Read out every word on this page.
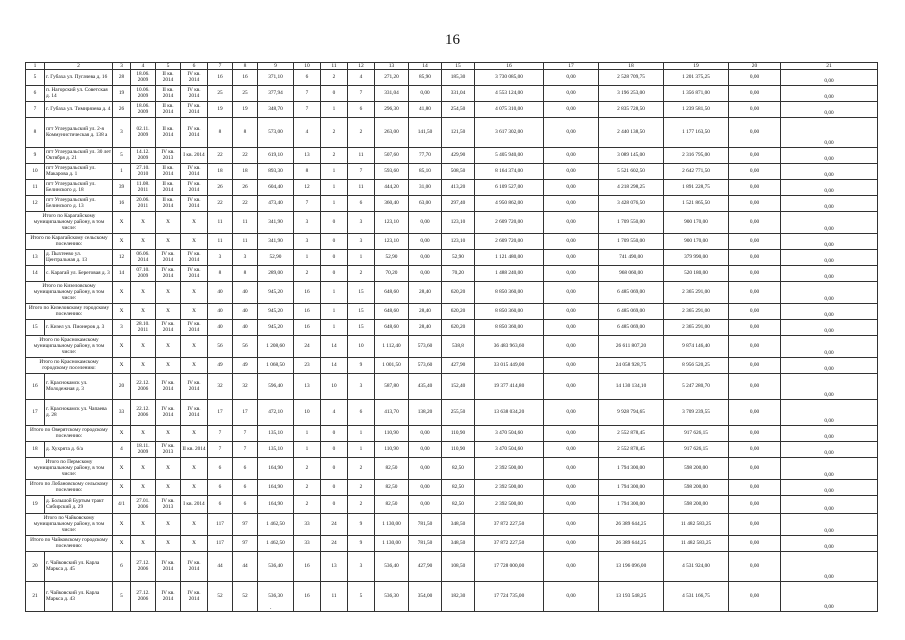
16
1	2	3	4	5	6	7	8	9	10	11	12	13	14	15	16	17	18	19	20	21
5	г. Губаха ул. Пугачева д. 16	28	18.06. 2009	II кв. 2014	IV кв. 2014	16	16	371,10	6	2	4	271,20	85,90	185,30	3 730 085,00	0,00	2 528 709,75	1 201 375,25	0,00	0,00
6	п. Нагорский ул. Советская д. 14	19	10.06. 2009	II кв. 2014	IV кв. 2014	25	25	377,94	7	0	7	331,04	0,00	331,04	4 553 124,00	0,00	3 196 253,00	1 356 871,00	0,00	0,00
7	г. Губаха ул. Тимирязева д. 4	26	18.06. 2009	II кв. 2014	IV кв. 2014	19	19	348,70	7	1	6	296,30	41,80	254,50	4 075 310,00	0,00	2 835 728,50	1 239 581,50	0,00	0,00
8	пгт Углеуральский ул. 2-я Коммунистическая д. 138 а	3	02.11. 2009	II кв. 2014	IV кв. 2014	8	8	573,00	4	2	2	263,00	141,50	121,50	3 617 302,00	0,00	2 440 138,50	1 177 163,50	0,00	0,00
9	пгт Углеуральский ул. 30 лет Октября д. 21	5	14.12. 2009	IV кв. 2013	I кв. 2014	22	22	619,10	13	2	11	507,60	77,70	429,90	5 405 940,00	0,00	3 089 145,00	2 316 795,00	0,00	0,00
10	пгт Углеуральский ул. Макарова д. 1	1	27.10. 2010	II кв. 2014	IV кв. 2014	18	18	893,30	8	1	7	593,60	85,10	508,50	8 164 374,00	0,00	5 521 602,50	2 642 771,50	0,00	0,00
11	пгт Углеуральский ул. Белинского д. 18	39	11.08. 2011	II кв. 2014	IV кв. 2014	26	26	604,40	12	1	11	444,20	31,00	413,20	6 109 527,00	0,00	4 218 298,25	1 891 228,75	0,00	0,00
12	пгт Углеуральский ул. Белинского д. 13	16	20.06. 2011	II кв. 2014	IV кв. 2014	22	22	473,40	7	1	6	360,40	63,00	297,40	4 950 862,00	0,00	3 428 076,50	1 521 865,50	0,00	0,00
Итого по Карагайскому муниципальному району, в том числе:		X	X	X	X	11	11	341,90	3	0	3	123,10	0,00	123,10	2 609 720,00	0,00	1 709 550,00	900 170,00	0,00	0,00
Итого по Карагайскому сельскому поселению:		X	X	X	X	11	11	341,90	3	0	3	123,10	0,00	123,10	2 609 720,00	0,00	1 709 550,00	900 170,00	0,00	0,00
13	д. Пыхтеево ул. Центральная д. 13	12	06.06. 2014	IV кв. 2014	IV кв. 2014	3	3	52,90	1	0	1	52,90	0,00	52,90	1 121 480,00	0,00	741 490,00	379 990,00	0,00	0,00
14	с. Карагай ул. Береговая д. 3	14	07.10. 2009	IV кв. 2014	IV кв. 2014	8	8	289,00	2	0	2	70,20	0,00	70,20	1 488 240,00	0,00	968 060,00	520 180,00	0,00	0,00
Итого по Кизеловскому муниципальному району, в том числе:		X	X	X	X	40	40	945,20	16	1	15	648,60	28,40	620,20	8 850 360,00	0,00	6 485 069,00	2 365 291,00	0,00	0,00
Итого по Кизеловскому городскому поселению:		X	X	X	X	40	40	945,20	16	1	15	648,60	28,40	620,20	8 850 360,00	0,00	6 485 069,00	2 365 291,00	0,00	0,00
15	г. Кизел ул. Пионеров д. 3	3	28.10. 2011	IV кв. 2014	IV кв. 2014	40	40	945,20	16	1	15	648,60	28,40	620,20	8 850 360,00	0,00	6 485 069,00	2 365 291,00	0,00	0,00
Итого по Краснокамскому муниципальному району, в том числе:		X	X	X	X	56	56	1 208,60	24	14	10	1 112,40	573,60	538,8	36 483 963,60	0,00	26 611 807,20	9 874 146,40	0,00	0,00
Итого по Краснокамскому городскому поселению:		X	X	X	X	49	49	1 068,50	23	14	9	1 001,50	573,60	427,90	33 015 449,00	0,00	24 058 928,75	8 956 520,25	0,00	0,00
16	г. Краснокамск ул. Молодежная д. 3	20	22.12. 2006	IV кв. 2014	IV кв. 2014	32	32	596,40	13	10	3	587,80	435,40	152,40	19 377 414,80	0,00	14 130 134,10	5 247 280,70	0,00	0,00
17	г. Краснокамск ул. Чапаева д. 28	33	22.12. 2006	IV кв. 2014	IV кв. 2014	17	17	472,10	10	4	6	413,70	138,20	255,50	13 638 034,20	0,00	9 928 794,65	3 709 239,55	0,00	0,00
Итого по Оверятскому городскому поселению:		X	X	X	X	7	7	135,10	1	0	1	110,90	0,00	110,90	3 470 504,60	0,00	2 552 878,45	917 626,15	0,00	0,00
18	д. Хухрята д. 6/а	4	18.11. 2009	IV кв. 2013	II кв. 2014	7	7	135,10	1	0	1	110,90	0,00	110,90	3 470 504,60	0,00	2 552 878,45	917 626,15	0,00	0,00
Итого по Пермскому муниципальному району, в том числе:		X	X	X	X	6	6	164,90	2	0	2	82,50	0,00	82,50	2 392 500,00	0,00	1 794 300,00	598 200,00	0,00	0,00
Итого по Лобановскому сельскому поселению:		X	X	X	X	6	6	164,90	2	0	2	82,50	0,00	82,50	2 392 500,00	0,00	1 794 300,00	598 200,00	0,00	0,00
19	д. Большой Буртым тракт Сибирский д. 29	4/1	27.01. 2006	IV кв. 2013	I кв. 2014	6	6	164,90	2	0	2	82,50	0,00	82,50	2 392 500,00	0,00	1 794 300,00	598 200,00	0,00	0,00
Итого по Чайковскому муниципальному району, в том числе:		X	X	X	X	117	97	1 462,50	33	24	9	1 130,00	781,50	348,50	37 872 227,50	0,00	26 389 644,25	11 482 583,25	0,00	0,00
Итого по Чайковскому городскому поселению:		X	X	X	X	117	97	1 462,50	33	24	9	1 130,00	781,50	348,50	37 872 227,50	0,00	26 389 644,25	11 482 583,25	0,00	0,00
20	г. Чайковский ул. Карла Маркса д. 45	6	27.12. 2006	IV кв. 2014	IV кв. 2014	44	44	536,40	16	13	3	536,40	427,90	108,50	17 728 000,00	0,00	13 196 096,00	4 531 924,00	0,00	0,00
21	г. Чайковский ул. Карла Маркса д. 43	5	27.12. 2006	IV кв. 2014	IV кв. 2014	52	52	536,30	16	11	5	536,30	354,00	182,30	17 724 735,00	0,00	13 193 548,25	4 531 166,75	0,00	0,00
.
